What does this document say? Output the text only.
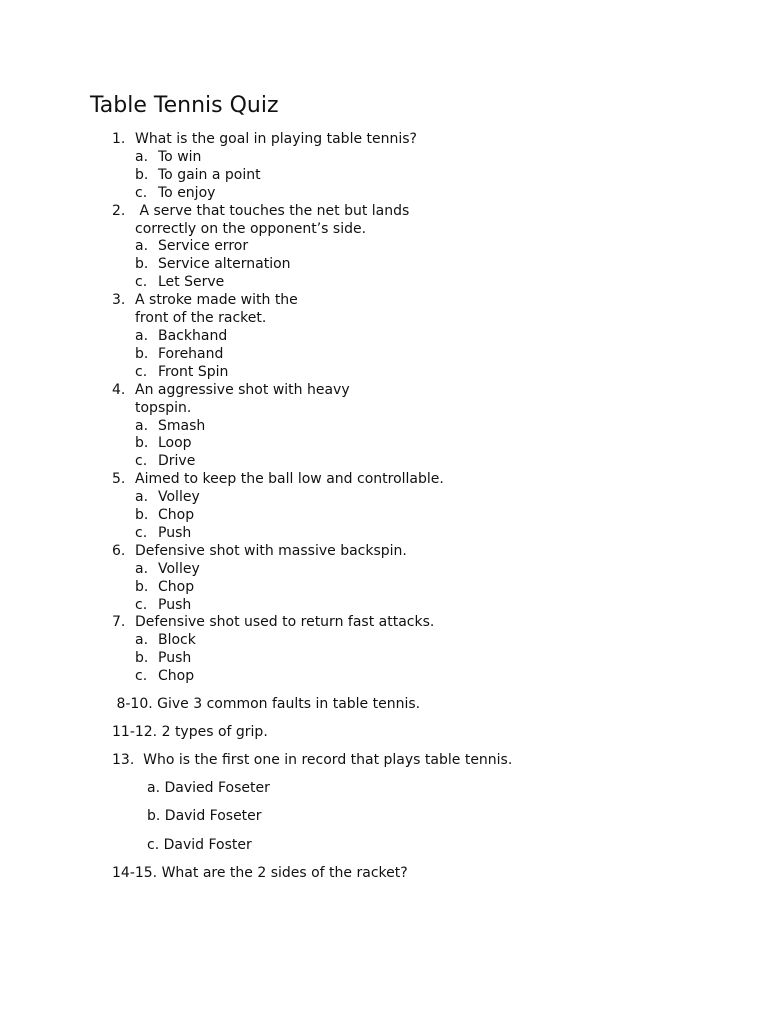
Table Tennis Quiz
1. What is the goal in playing table tennis?
a. To win
b. To gain a point
c. To enjoy
2. A serve that touches the net but lands correctly on the opponent’s side.
a. Service error
b. Service alternation
c. Let Serve
3. A stroke made with the front of the racket.
a. Backhand
b. Forehand
c. Front Spin
4. An aggressive shot with heavy topspin.
a. Smash
b. Loop
c. Drive
5. Aimed to keep the ball low and controllable.
a. Volley
b. Chop
c. Push
6. Defensive shot with massive backspin.
a. Volley
b. Chop
c. Push
7. Defensive shot used to return fast attacks.
a. Block
b. Push
c. Chop
8-10. Give 3 common faults in table tennis.
11-12. 2 types of grip.
13.  Who is the first one in record that plays table tennis.
a. Davied Foseter
b. David Foseter
c. David Foster
14-15. What are the 2 sides of the racket?
